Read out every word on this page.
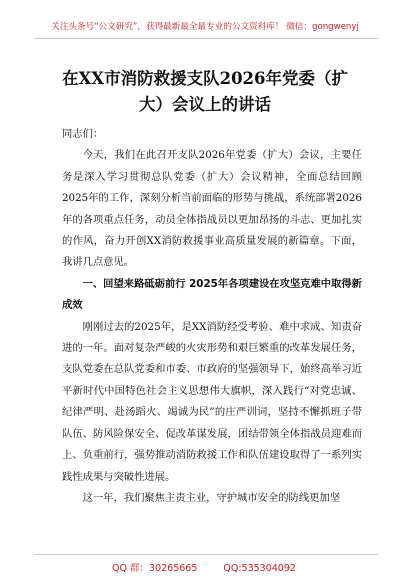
关注头条号“公文研究”，获得最新最全最专业的公文资料库！ 微信：gongwenyj
在XX市消防救援支队2026年党委（扩
大）会议上的讲话

同志们：

今天，我们在此召开支队2026年党委（扩大）会议，主要任务是深入学习贯彻总队党委（扩大）会议精神，全面总结回顾2025年的工作，深刻分析当前面临的形势与挑战，系统部署2026年的各项重点任务，动员全体指战员以更加昂扬的斗志、更加扎实的作风，奋力开创XX消防救援事业高质量发展的新篇章。下面，我讲几点意见。

一、回望来路砥砺前行 2025年各项建设在攻坚克难中取得新成效

刚刚过去的2025年，是XX消防经受考验、难中求成、知责奋进的一年。面对复杂严峻的火灾形势和艰巨繁重的改革发展任务，支队党委在总队党委和市委、市政府的坚强领导下，始终高举习近平新时代中国特色社会主义思想伟大旗帜，深入践行“对党忠诚、纪律严明、赴汤蹈火、竭诚为民”的庄严训词，坚持不懈抓班子带队伍、防风险保安全、促改革谋发展，团结带领全体指战员迎难而上、负重前行，强势推动消防救援工作和队伍建设取得了一系列实践性成果与突破性进展。

这一年，我们聚焦主责主业，守护城市安全的防线更加坚

QQ 群：30265665	QQ:535304092
